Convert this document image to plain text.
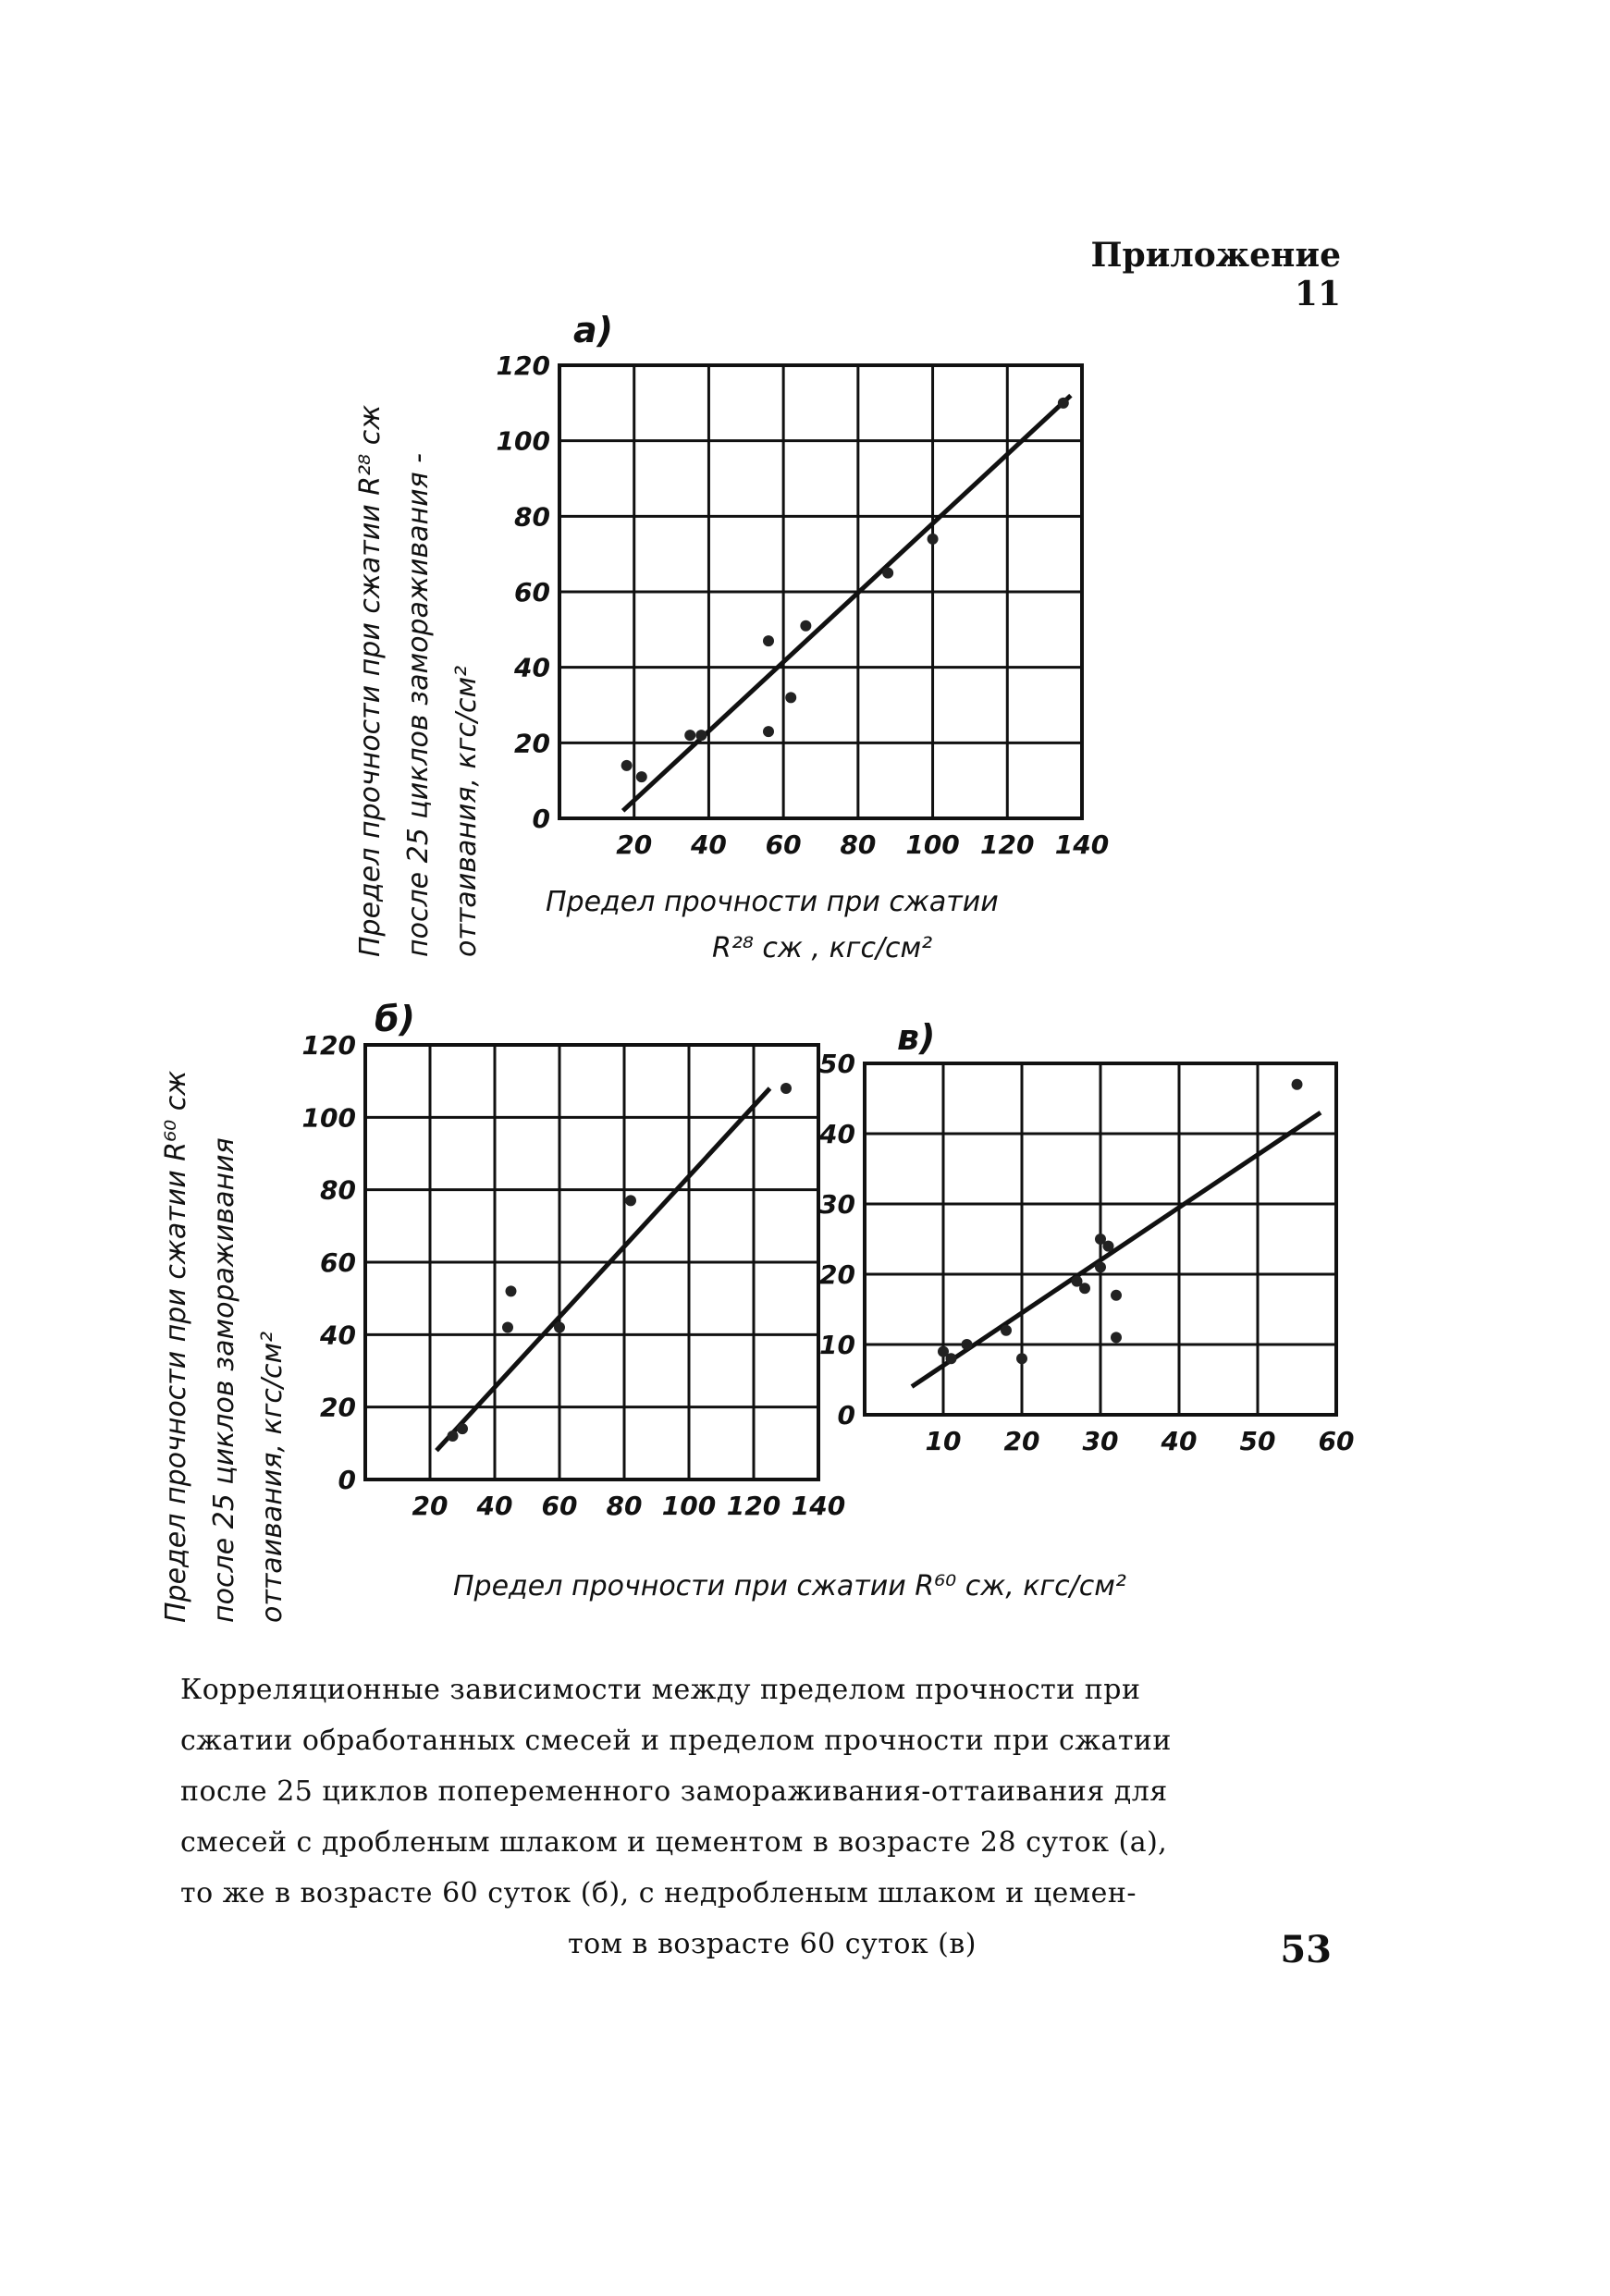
Приложение 11
а)
20 40 60 80 100 120 140
0
20
40
60
80
100
120
Предел прочности при сжатии R²⁸ сж после 25 циклов замораживания - оттаивания, кгс/см² Предел прочности при сжатии
R²⁸ сж , кгс/см²
б)
20 40 60 80 100 120 140
0
20
40
60
80
100
120
Предел прочности при сжатии R⁶⁰ сж после 25 циклов замораживания оттаивания, кгс/см²
в)
10 20 30 40 50 60
0
10
20
30
40
50
Предел прочности при сжатии R⁶⁰ сж, кгс/см²
Корреляционные зависимости между пределом прочности при
сжатии обработанных смесей и пределом прочности при сжатии
после 25 циклов попеременного замораживания-оттаивания для
смесей с дробленым шлаком и цементом в возрасте 28 суток (а),
то же в возрасте 60 суток (б), с недробленым шлаком и цемен-
том в возрасте 60 суток (в)	53
